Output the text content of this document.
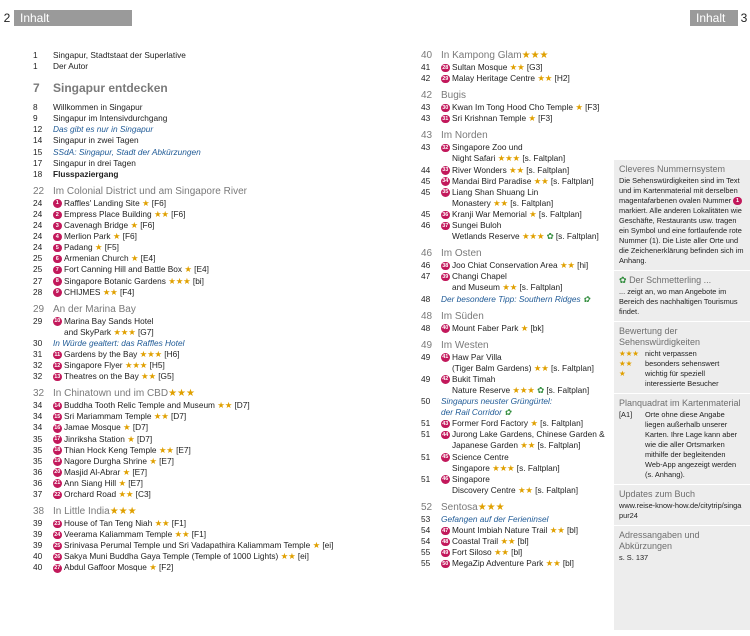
2 Inhalt	Inhalt	3
1	Singapur, Stadtstaat der Superlative
1	Der Autor
7	Singapur entdecken
8	Willkommen in Singapur
9	Singapur im Intensivdurchgang
12	Das gibt es nur in Singapur
14	Singapur in zwei Tagen
15	SSdA: Singapur, Stadt der Abkürzungen
17	Singapur in drei Tagen
18	Flusspaziergang
22 Im Colonial District und am Singapore River
24	1 Raffles' Landing Site ★ [F6]
24	2 Empress Place Building ★★ [F6]
24	3 Cavenagh Bridge ★ [F6]
24	4 Merlion Park ★ [F6]
24	5 Padang ★ [F5]
25	6 Armenian Church ★ [E4]
25	7 Fort Canning Hill and Battle Box ★ [E4]
27	8 Singapore Botanic Gardens ★★★ [bi]
28	9 CHIJMES ★★ [F4]
29 An der Marina Bay
29	10 Marina Bay Sands Hotel
and SkyPark ★★★ [G7]
30	In Würde gealtert: das Raffles Hotel
31	11 Gardens by the Bay ★★★ [H6]
32	12 Singapore Flyer ★★★ [H5]
32	13 Theatres on the Bay ★★ [G5]
32 In Chinatown und im CBD ★★★
34	14 Buddha Tooth Relic Temple and Museum ★★ [D7]
34	15 Sri Mariammam Temple ★★ [D7]
34	16 Jamae Mosque ★ [D7]
35	17 Jinriksha Station ★ [D7]
35	18 Thian Hock Keng Temple ★★ [E7]
35	19 Nagore Durgha Shrine ★ [E7]
36	20 Masjid Al-Abrar ★ [E7]
36	21 Ann Siang Hill ★ [E7]
37	22 Orchard Road ★★ [C3]
38 In Little India ★★★
39	23 House of Tan Teng Niah ★★ [F1]
39	24 Veerama Kaliammam Temple ★★ [F1]
39	25 Srinivasa Perumal Temple und Sri Vadapathira Kaliammam Temple ★ [ei]
40	26 Sakya Muni Buddha Gaya Temple (Temple of 1000 Lights) ★★ [ei]
40	27 Abdul Gaffoor Mosque ★ [F2]
40 In Kampong Glam ★★★
41	28 Sultan Mosque ★★ [G3]
42	29 Malay Heritage Centre ★★ [H2]
42 Bugis
43	30 Kwan Im Tong Hood Cho Temple ★ [F3]
43	31 Sri Krishnan Temple ★ [F3]
43 Im Norden
43	32 Singapore Zoo und
Night Safari ★★★ [s. Faltplan]
44	33 River Wonders ★★ [s. Faltplan]
45	34 Mandai Bird Paradise ★★ [s. Faltplan]
45	35 Liang Shan Shuang Lin
Monastery ★★ [s. Faltplan]
45	36 Kranji War Memorial ★ [s. Faltplan]
46	37 Sungei Buloh
Wetlands Reserve ★★★ ✿ [s. Faltplan]
46 Im Osten
46	38 Joo Chiat Conservation Area ★★ [hi]
47	39 Changi Chapel
and Museum ★★ [s. Faltplan]
48	Der besondere Tipp: Southern Ridges ✿
48 Im Süden
48	40 Mount Faber Park ★ [bk]
49 Im Westen
49	41 Haw Par Villa
(Tiger Balm Gardens) ★★ [s. Faltplan]
49	42 Bukit Timah
Nature Reserve ★★★ ✿ [s. Faltplan]
50	Singapurs neuster Grüngürtel:
der Rail Corridor ✿
51	43 Former Ford Factory ★ [s. Faltplan]
51	44 Jurong Lake Gardens, Chinese Garden &
Japanese Garden ★★ [s. Faltplan]
51	45 Science Centre
Singapore ★★★ [s. Faltplan]
51	46 Singapore
Discovery Centre ★★ [s. Faltplan]
52 Sentosa ★★★
53	Gefangen auf der Ferieninsel
54	47 Mount Imbiah Nature Trail ★★ [bl]
54	48 Coastal Trail ★★ [bl]
55	49 Fort Siloso ★★ [bl]
55	50 MegaZip Adventure Park ★★ [bl]
Cleveres Nummernsystem
Die Sehenswürdigkeiten sind im Text und im Kartenmaterial mit derselben magentafarbenen ovalen Nummer 1 markiert. Alle anderen Lokalitäten wie Geschäfte, Restaurants usw. tragen ein Symbol und eine fortlaufende rote Nummer (1). Die Liste aller Orte und die Zeichenerklärung befinden sich im Anhang.
✿ Der Schmetterling ...
... zeigt an, wo man Angebote im Bereich des nachhaltigen Tourismus findet.
Bewertung der Sehenswürdigkeiten
★★★ nicht verpassen
★★	besonders sehenswert
★	wichtig für speziell interessierte Besucher
Planquadrat im Kartenmaterial
[A1]	Orte ohne diese Angabe liegen außerhalb unserer Karten. Ihre Lage kann aber wie die aller Ortsmarken mithilfe der begleitenden Web-App angezeigt werden (s. Anhang).
Updates zum Buch
www.reise-know-how.de/citytrip/singapur24
Adressangaben und Abkürzungen
s. S. 137
